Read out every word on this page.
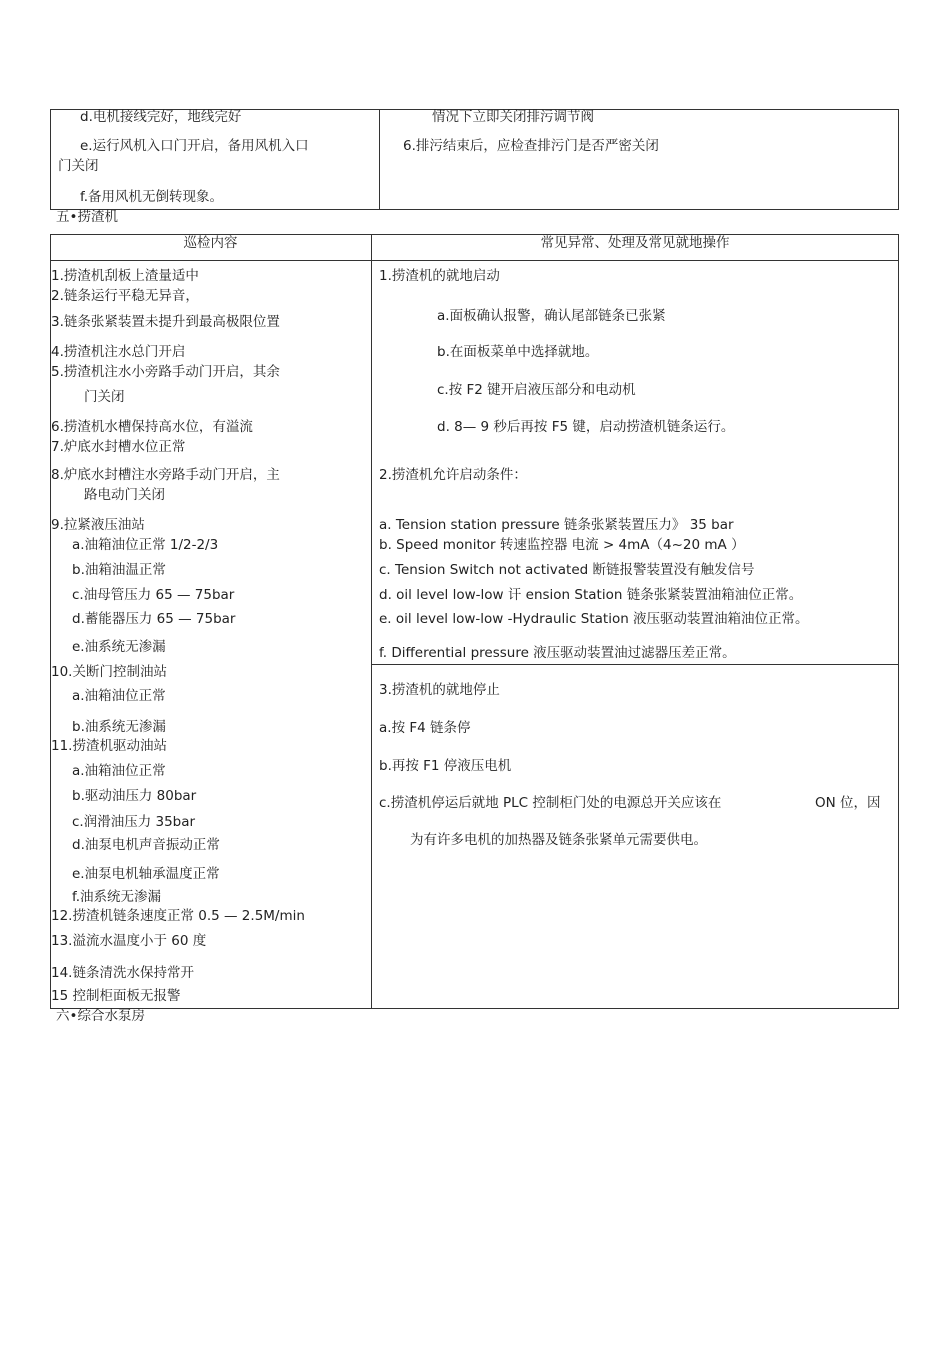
d.电机接线完好，地线完好
e.运行风机入口门开启，备用风机入口
门关闭
f.备用风机无倒转现象。
情况下立即关闭排污调节阀
6.排污结束后，应检查排污门是否严密关闭
五•捞渣机
巡检内容	常见异常、处理及常见就地操作
1.捞渣机刮板上渣量适中
2.链条运行平稳无异音，
3.链条张紧装置未提升到最高极限位置
4.捞渣机注水总门开启
5.捞渣机注水小旁路手动门开启，其余
门关闭
6.捞渣机水槽保持高水位，有溢流
7.炉底水封槽水位正常
8.炉底水封槽注水旁路手动门开启，主
路电动门关闭
9.拉紧液压油站
a.油箱油位正常 1/2-2/3
b.油箱油温正常
c.油母管压力 65 — 75bar
d.蓄能器压力 65 — 75bar
e.油系统无渗漏
10.关断门控制油站
a.油箱油位正常
b.油系统无渗漏
11.捞渣机驱动油站
a.油箱油位正常
b.驱动油压力 80bar
c.润滑油压力 35bar
d.油泵电机声音振动正常
e.油泵电机轴承温度正常
f.油系统无渗漏
12.捞渣机链条速度正常 0.5 — 2.5M/min
13.溢流水温度小于 60 度
14.链条清洗水保持常开
15 控制柜面板无报警
1.捞渣机的就地启动
a.面板确认报警，确认尾部链条已张紧
b.在面板菜单中选择就地。
c.按 F2 键开启液压部分和电动机
d. 8— 9 秒后再按 F5 键，启动捞渣机链条运行。
2.捞渣机允许启动条件：
a. Tension station pressure 链条张紧装置压力》 35 bar
b. Speed monitor 转速监控器 电流 > 4mA（4~20 mA ）
c. Tension Switch not activated 断链报警装置没有触发信号
d. oil level low-low 讦 ension Station 链条张紧装置油箱油位正常。
e. oil level low-low -Hydraulic Station 液压驱动装置油箱油位正常。
f. Differential pressure 液压驱动装置油过滤器压差正常。
3.捞渣机的就地停止
a.按 F4 链条停
b.再按 F1 停液压电机
c.捞渣机停运后就地 PLC 控制柜门处的电源总开关应该在	ON 位，因
为有许多电机的加热器及链条张紧单元需要供电。
六•综合水泵房
